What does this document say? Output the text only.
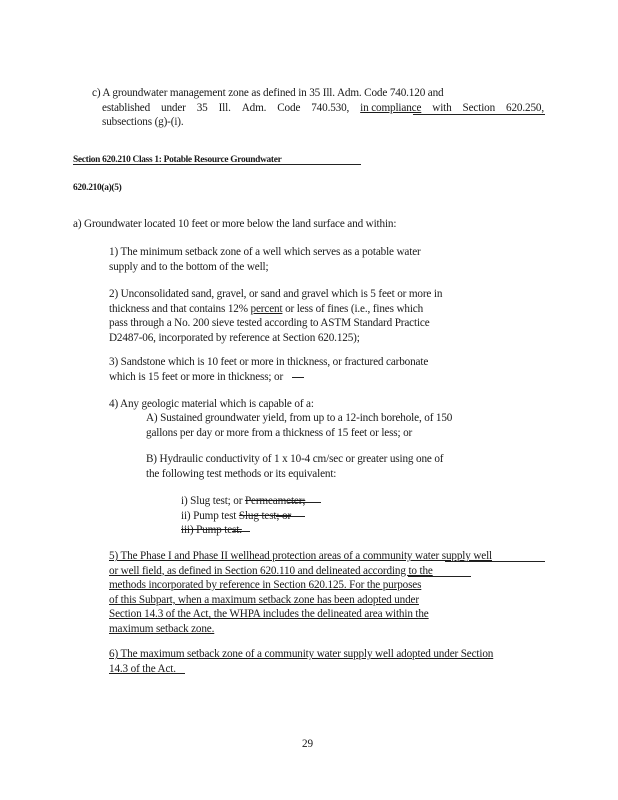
c) A groundwater management zone as defined in 35 Ill. Adm. Code 740.120 and
established under 35 Ill. Adm. Code 740.530, in compliance with Section 620.250,
subsections (g)-(i).
Section 620.210 Class 1: Potable Resource Groundwater
620.210(a)(5)
a) Groundwater located 10 feet or more below the land surface and within:
1) The minimum setback zone of a well which serves as a potable water
supply and to the bottom of the well;
2) Unconsolidated sand, gravel, or sand and gravel which is 5 feet or more in
thickness and that contains 12% percent or less of fines (i.e., fines which
pass through a No. 200 sieve tested according to ASTM Standard Practice
D2487-06, incorporated by reference at Section 620.125);
3) Sandstone which is 10 feet or more in thickness, or fractured carbonate
which is 15 feet or more in thickness; or
4) Any geologic material which is capable of a:
A) Sustained groundwater yield, from up to a 12-inch borehole, of 150
gallons per day or more from a thickness of 15 feet or less; or
B) Hydraulic conductivity of 1 x 10-4 cm/sec or greater using one of
the following test methods or its equivalent:
i) Slug test; or Permeameter;
ii) Pump test Slug test; or
iii) Pump test.
5) The Phase I and Phase II wellhead protection areas of a community water supply well
or well field, as defined in Section 620.110 and delineated according to the
methods incorporated by reference in Section 620.125. For the purposes
of this Subpart, when a maximum setback zone has been adopted under
Section 14.3 of the Act, the WHPA includes the delineated area within the
maximum setback zone.
6) The maximum setback zone of a community water supply well adopted under Section
14.3 of the Act.
29
